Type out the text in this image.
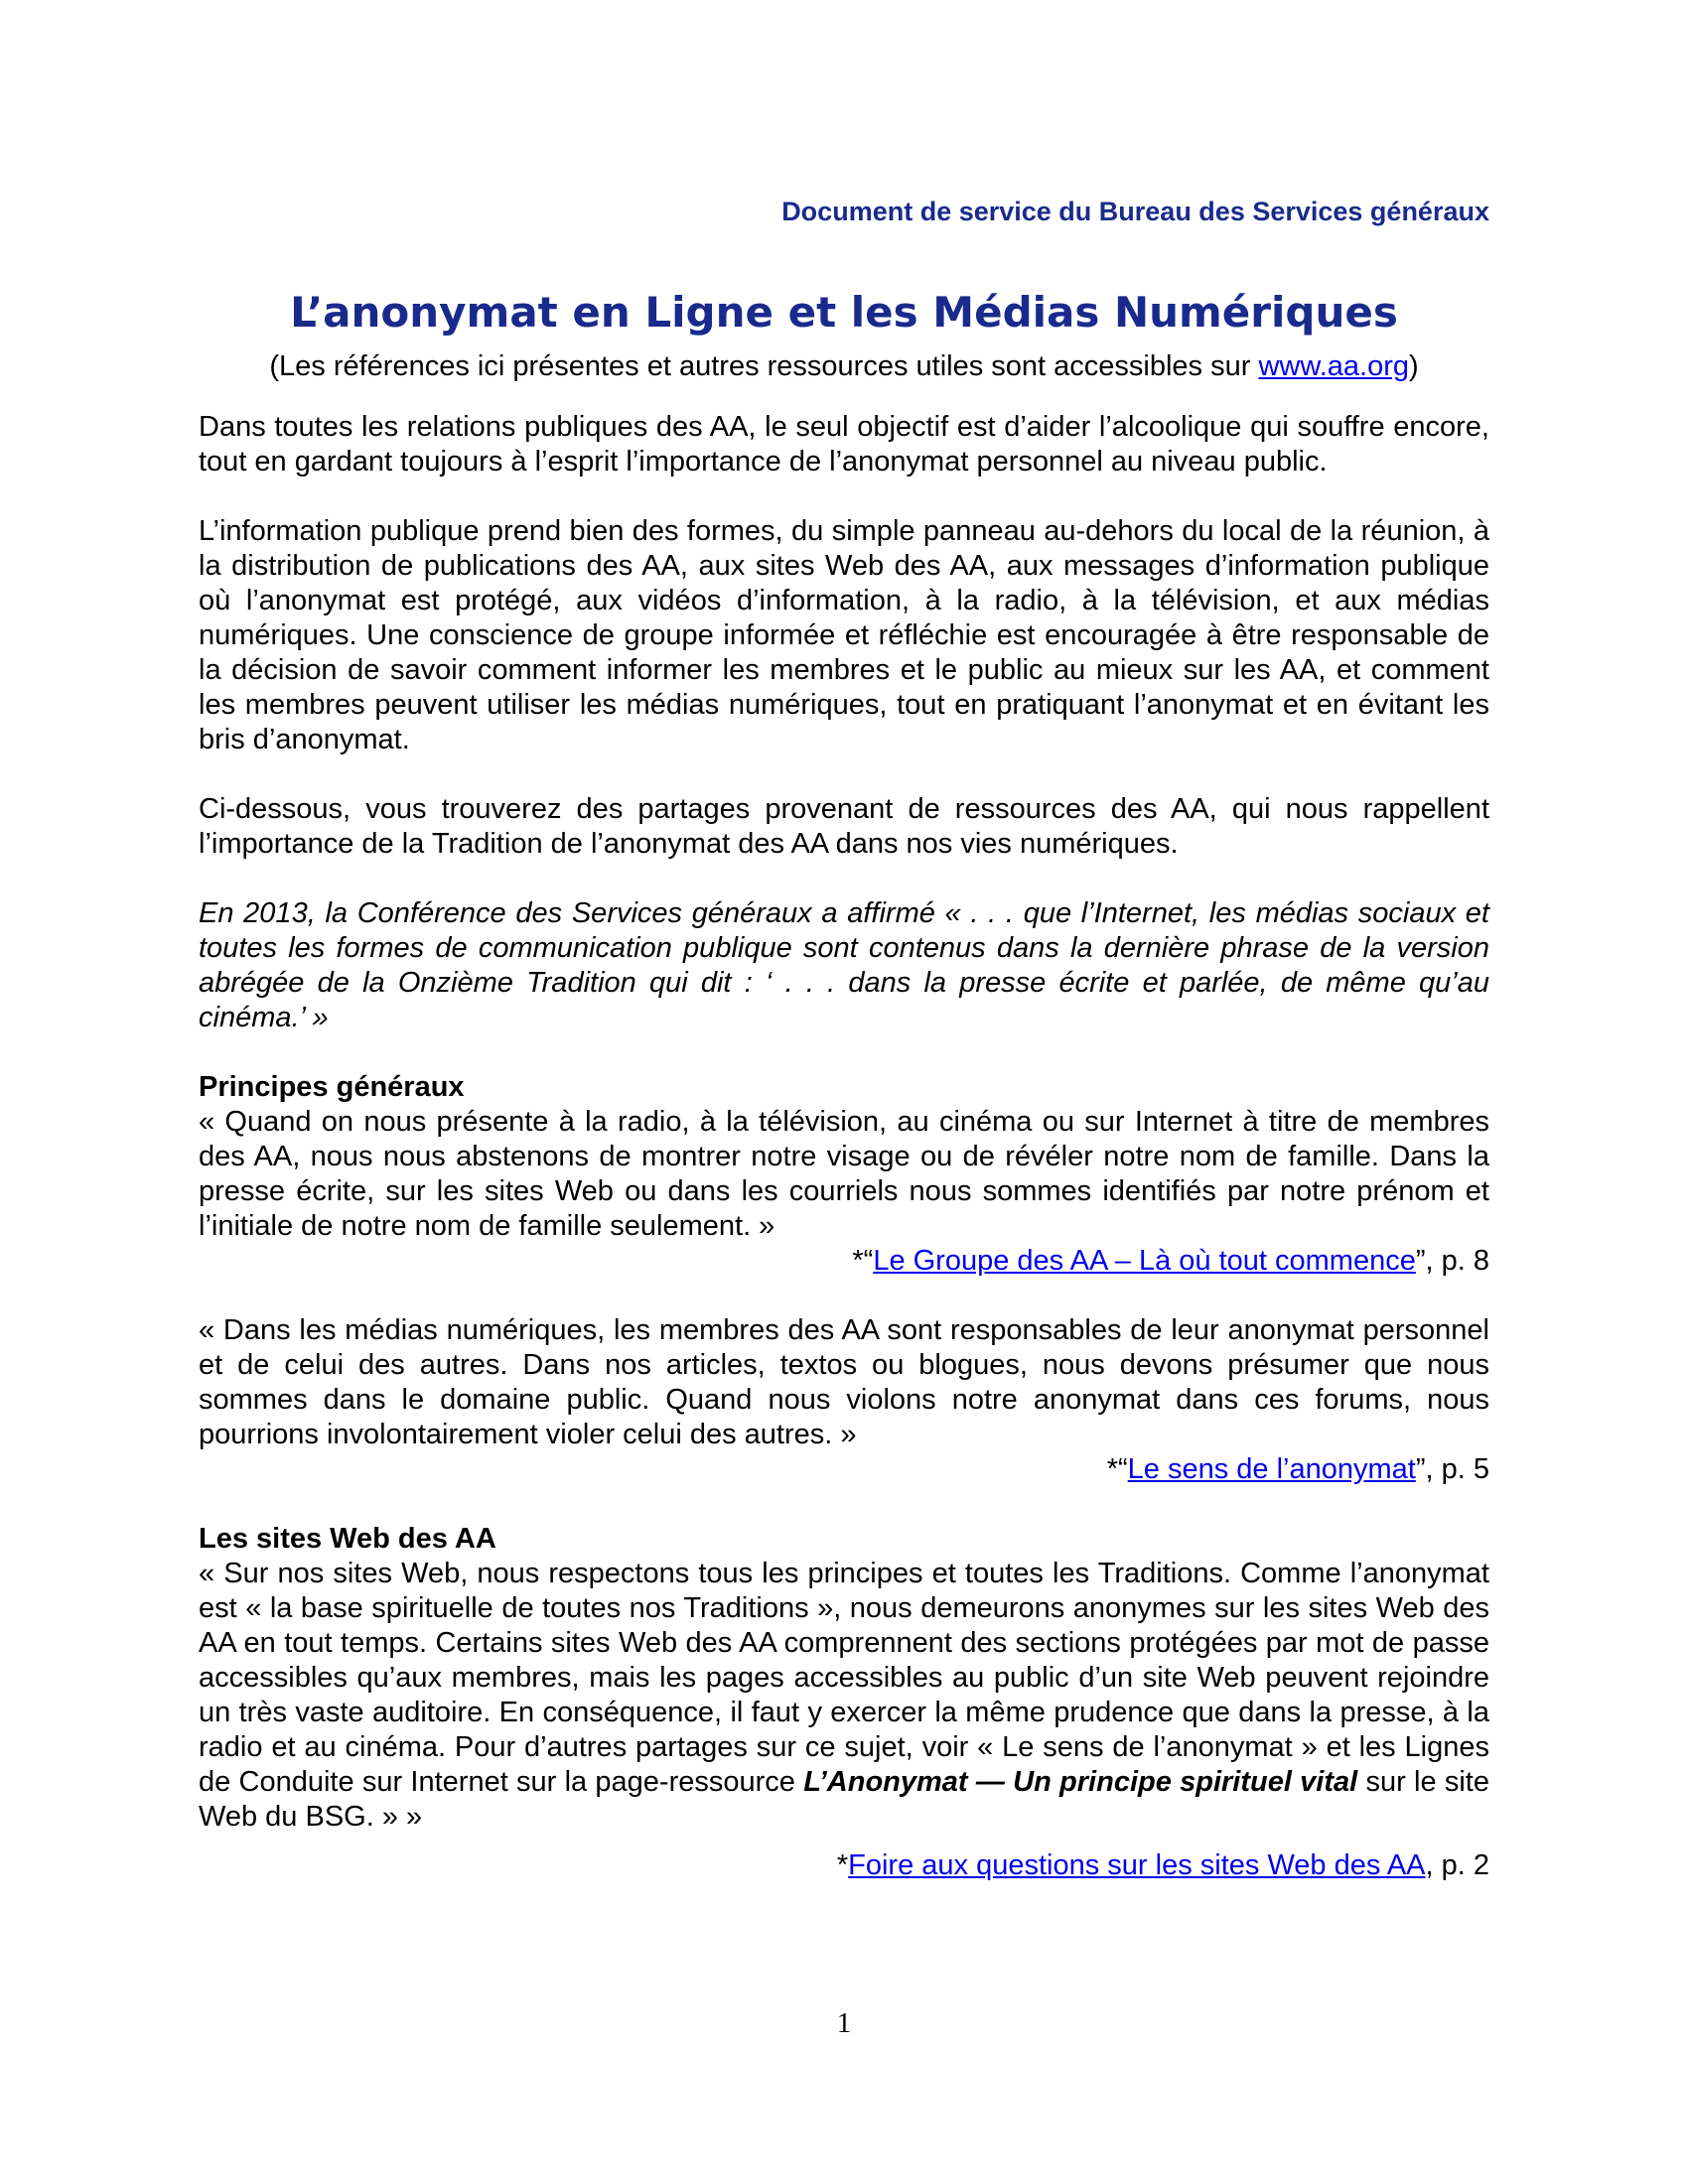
Document de service du Bureau des Services généraux
L’anonymat en Ligne et les Médias Numériques
(Les références ici présentes et autres ressources utiles sont accessibles sur www.aa.org)

Dans toutes les relations publiques des AA, le seul objectif est d’aider l’alcoolique qui souffre encore, tout en gardant toujours à l’esprit l’importance de l’anonymat personnel au niveau public.

L’information publique prend bien des formes, du simple panneau au-dehors du local de la réunion, à la distribution de publications des AA, aux sites Web des AA, aux messages d’information publique où l’anonymat est protégé, aux vidéos d’information, à la radio, à la télévision, et aux médias numériques. Une conscience de groupe informée et réfléchie est encouragée à être responsable de la décision de savoir comment informer les membres et le public au mieux sur les AA, et comment les membres peuvent utiliser les médias numériques, tout en pratiquant l’anonymat et en évitant les bris d’anonymat.

Ci-dessous, vous trouverez des partages provenant de ressources des AA, qui nous rappellent l’importance de la Tradition de l’anonymat des AA dans nos vies numériques.

En 2013, la Conférence des Services généraux a affirmé « . . . que l’Internet, les médias sociaux et toutes les formes de communication publique sont contenus dans la dernière phrase de la version abrégée de la Onzième Tradition qui dit : ‘ . . . dans la presse écrite et parlée, de même qu’au cinéma.’ »

Principes généraux

« Quand on nous présente à la radio, à la télévision, au cinéma ou sur Internet à titre de membres des AA, nous nous abstenons de montrer notre visage ou de révéler notre nom de famille. Dans la presse écrite, sur les sites Web ou dans les courriels nous sommes identifiés par notre prénom et l’initiale de notre nom de famille seulement. »

*“Le Groupe des AA – Là où tout commence”, p. 8

« Dans les médias numériques, les membres des AA sont responsables de leur anonymat personnel et de celui des autres. Dans nos articles, textos ou blogues, nous devons présumer que nous sommes dans le domaine public. Quand nous violons notre anonymat dans ces forums, nous pourrions involontairement violer celui des autres. »

*“Le sens de l’anonymat”, p. 5
Les sites Web des AA

« Sur nos sites Web, nous respectons tous les principes et toutes les Traditions. Comme l’anonymat est « la base spirituelle de toutes nos Traditions », nous demeurons anonymes sur les sites Web des AA en tout temps. Certains sites Web des AA comprennent des sections protégées par mot de passe accessibles qu’aux membres, mais les pages accessibles au public d’un site Web peuvent rejoindre un très vaste auditoire. En conséquence, il faut y exercer la même prudence que dans la presse, à la radio et au cinéma. Pour d’autres partages sur ce sujet, voir « Le sens de l’anonymat » et les Lignes de Conduite sur Internet sur la page-ressource L’Anonymat — Un principe spirituel vital sur le site Web du BSG. » »

*Foire aux questions sur les sites Web des AA, p. 2
1
